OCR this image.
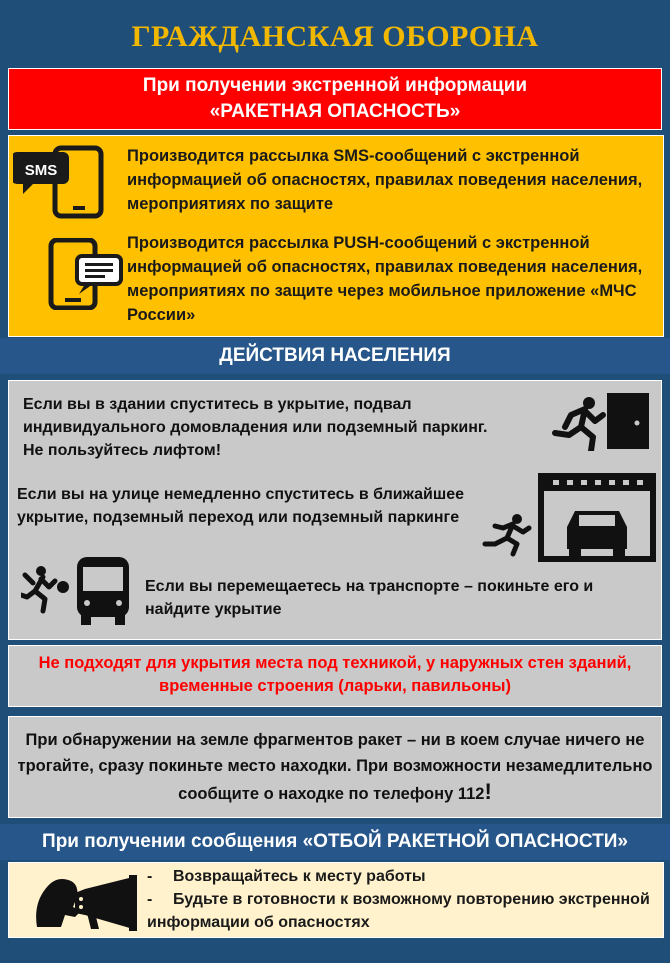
ГРАЖДАНСКАЯ ОБОРОНА
При получении экстренной информации
«РАКЕТНАЯ ОПАСНОСТЬ»
SMS
Производится рассылка SMS-сообщений с экстренной информацией об опасностях, правилах поведения населения, мероприятиях по защите
Производится рассылка PUSH-сообщений с экстренной информацией об опасностях, правилах поведения населения, мероприятиях по защите через мобильное приложение «МЧС России»
ДЕЙСТВИЯ НАСЕЛЕНИЯ
Если вы в здании спуститесь в укрытие, подвал индивидуального домовладения или подземный паркинг. Не пользуйтесь лифтом!
Если вы на улице немедленно спуститесь в ближайшее укрытие, подземный переход или подземный паркинге
Если вы перемещаетесь на транспорте – покиньте его и найдите укрытие
Не подходят для укрытия места под техникой, у наружных стен зданий, временные строения (ларьки, павильоны)
При обнаружении на земле фрагментов ракет – ни в коем случае ничего не трогайте, сразу покиньте место находки. При возможности незамедлительно сообщите о находке по телефону 112!
При получении сообщения «ОТБОЙ РАКЕТНОЙ ОПАСНОСТИ»
- Возвращайтесь к месту работы
- Будьте в готовности к возможному повторению экстренной информации об опасностях
